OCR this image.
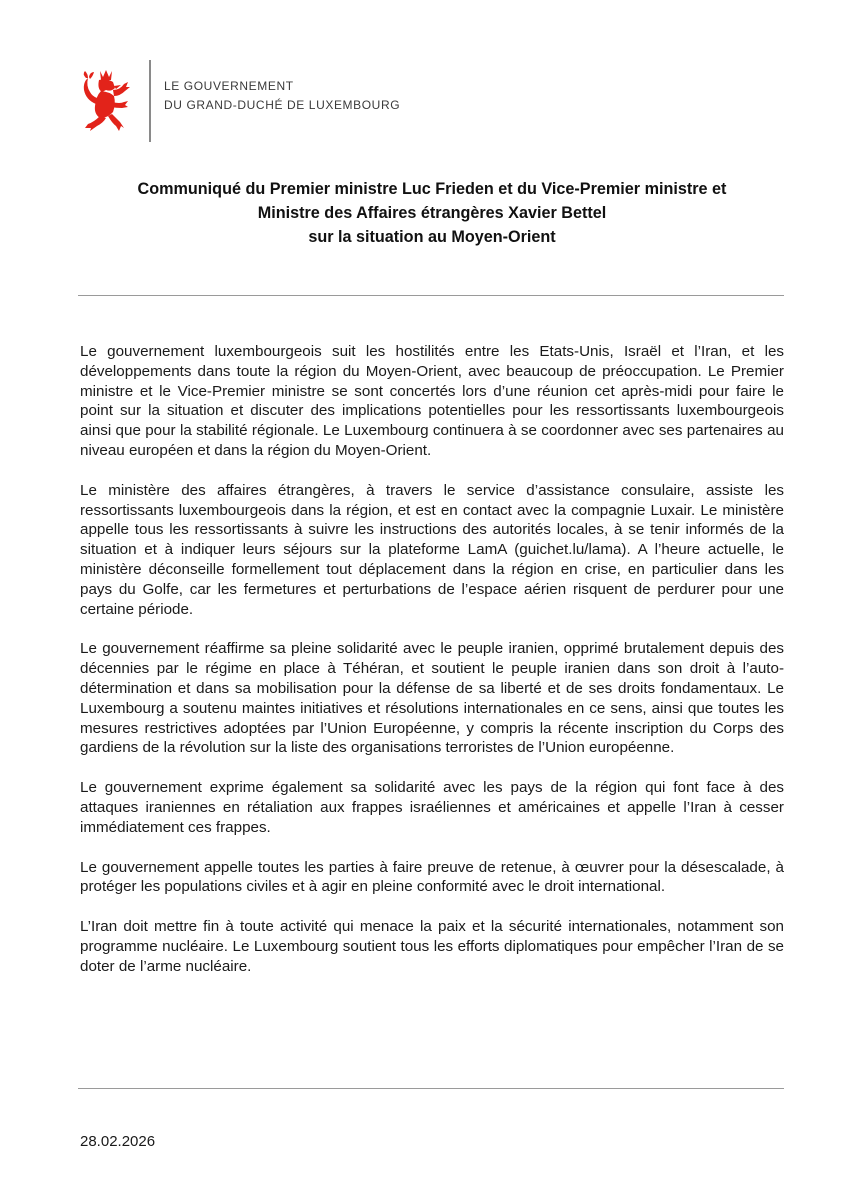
LE GOUVERNEMENT
DU GRAND-DUCHÉ DE LUXEMBOURG
Communiqué du Premier ministre Luc Frieden et du Vice-Premier ministre et
Ministre des Affaires étrangères Xavier Bettel
sur la situation au Moyen-Orient

Le gouvernement luxembourgeois suit les hostilités entre les Etats-Unis, Israël et l’Iran, et les développements dans toute la région du Moyen-Orient, avec beaucoup de préoccupation. Le Premier ministre et le Vice-Premier ministre se sont concertés lors d’une réunion cet après-midi pour faire le point sur la situation et discuter des implications potentielles pour les ressortissants luxembourgeois ainsi que pour la stabilité régionale. Le Luxembourg continuera à se coordonner avec ses partenaires au niveau européen et dans la région du Moyen-Orient.

Le ministère des affaires étrangères, à travers le service d’assistance consulaire, assiste les ressortissants luxembourgeois dans la région, et est en contact avec la compagnie Luxair. Le ministère appelle tous les ressortissants à suivre les instructions des autorités locales, à se tenir informés de la situation et à indiquer leurs séjours sur la plateforme LamA (guichet.lu/lama). A l’heure actuelle, le ministère déconseille formellement tout déplacement dans la région en crise, en particulier dans les pays du Golfe, car les fermetures et perturbations de l’espace aérien risquent de perdurer pour une certaine période.

Le gouvernement réaffirme sa pleine solidarité avec le peuple iranien, opprimé brutalement depuis des décennies par le régime en place à Téhéran, et soutient le peuple iranien dans son droit à l’auto-détermination et dans sa mobilisation pour la défense de sa liberté et de ses droits fondamentaux. Le Luxembourg a soutenu maintes initiatives et résolutions internationales en ce sens, ainsi que toutes les mesures restrictives adoptées par l’Union Européenne, y compris la récente inscription du Corps des gardiens de la révolution sur la liste des organisations terroristes de l’Union européenne.

Le gouvernement exprime également sa solidarité avec les pays de la région qui font face à des attaques iraniennes en rétaliation aux frappes israéliennes et américaines et appelle l’Iran à cesser immédiatement ces frappes.

Le gouvernement appelle toutes les parties à faire preuve de retenue, à œuvrer pour la désescalade, à protéger les populations civiles et à agir en pleine conformité avec le droit international.

L’Iran doit mettre fin à toute activité qui menace la paix et la sécurité internationales, notamment son programme nucléaire. Le Luxembourg soutient tous les efforts diplomatiques pour empêcher l’Iran de se doter de l’arme nucléaire.

28.02.2026
